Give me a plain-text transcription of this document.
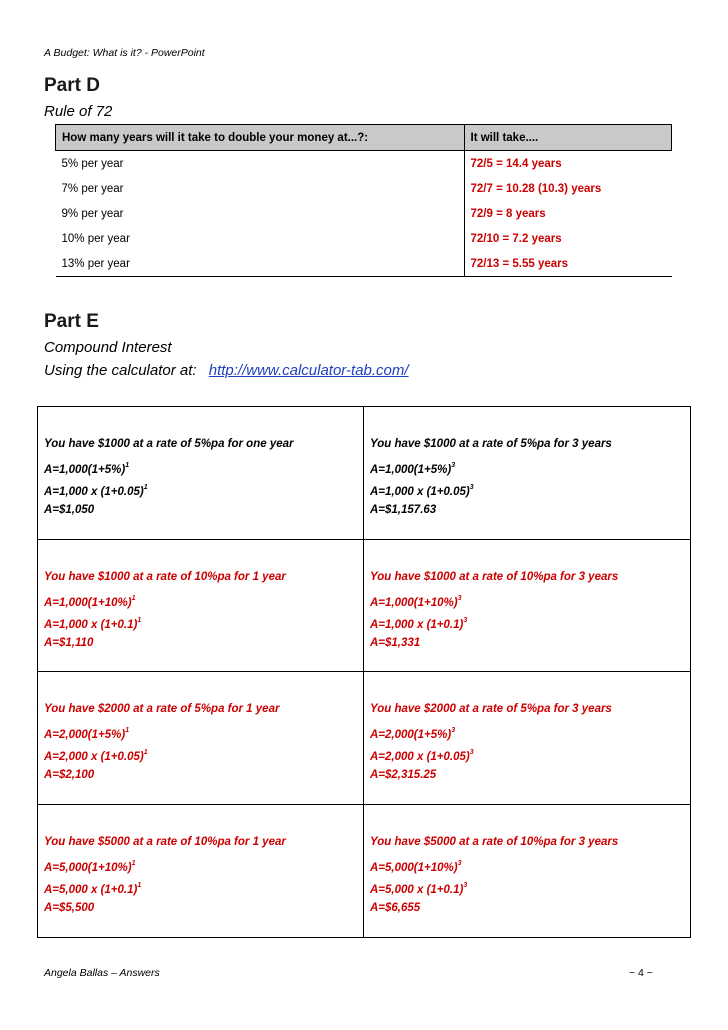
A Budget: What is it? - PowerPoint
Part D
Rule of 72
How many years will it take to double your money at...?:	It will take....
5% per year	72/5 = 14.4 years
7% per year	72/7 = 10.28 (10.3) years
9% per year	72/9 = 8 years
10% per year	72/10 = 7.2 years
13% per year	72/13 = 5.55 years
Part E
Compound Interest
Using the calculator at: http://www.calculator-tab.com/
You have $1000 at a rate of 5%pa for one year
$A=1,000(1+5\%)^1$
A=1,000 x $(1+0.05)^1$
A=$1,050
You have $1000 at a rate of 5%pa for 3 years
$A=1,000(1+5\%)^3$
A=1,000 x $(1+0.05)^3$
A=$1,157.63
You have $1000 at a rate of 10%pa for 1 year
$A=1,000(1+10\%)^1$
A=1,000 x $(1+0.1)^1$
A=$1,110
You have $1000 at a rate of 10%pa for 3 years
$A=1,000(1+10\%)^3$
A=1,000 x $(1+0.1)^3$
A=$1,331
You have $2000 at a rate of 5%pa for 1 year
$A=2,000(1+5\%)^1$
A=2,000 x $(1+0.05)^1$
A=$2,100
You have $2000 at a rate of 5%pa for 3 years
$A=2,000(1+5\%)^3$
A=2,000 x $(1+0.05)^3$
A=$2,315.25
You have $5000 at a rate of 10%pa for 1 year
$A=5,000(1+10\%)^1$
A=5,000 x $(1+0.1)^1$
A=$5,500
You have $5000 at a rate of 10%pa for 3 years
$A=5,000(1+10\%)^3$
A=5,000 x $(1+0.1)^3$
A=$6,655
Angela Ballas – Answers	~ 4 ~
